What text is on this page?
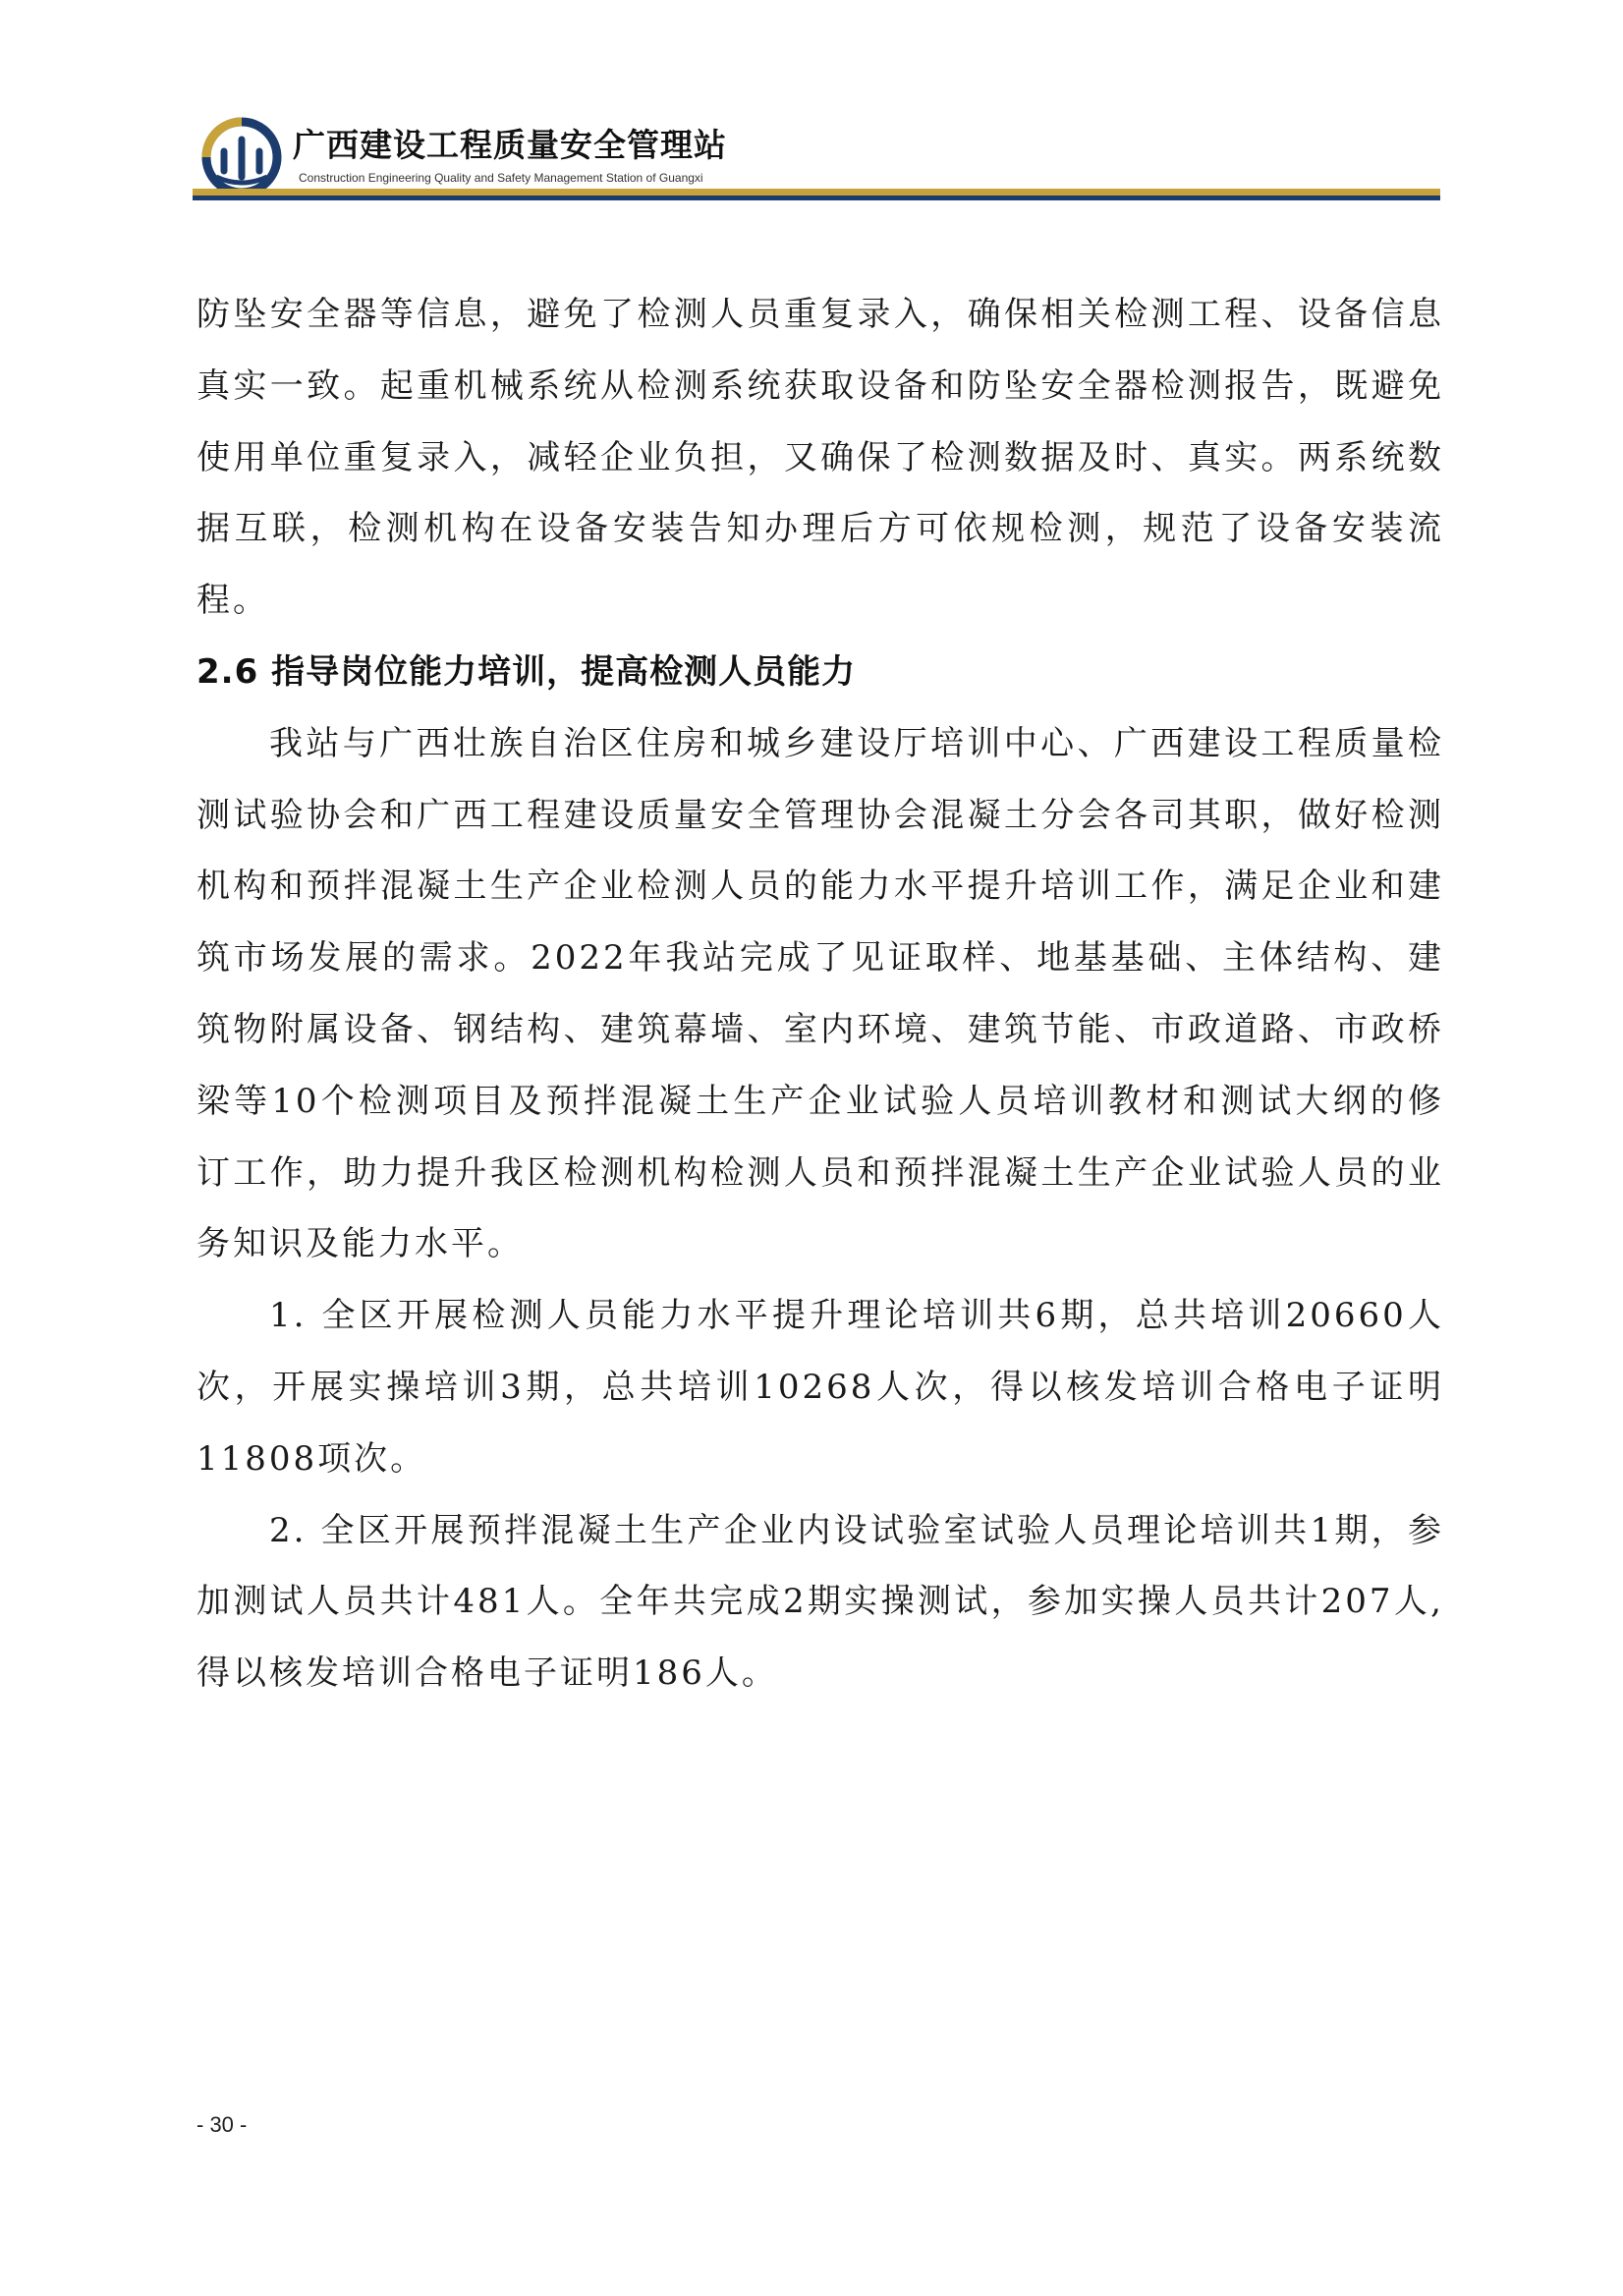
广西建设工程质量安全管理站
Construction Engineering Quality and Safety Management Station of Guangxi

防坠安全器等信息，避免了检测人员重复录入，确保相关检测工程、设备信息真实一致。起重机械系统从检测系统获取设备和防坠安全器检测报告，既避免使用单位重复录入，减轻企业负担，又确保了检测数据及时、真实。两系统数据互联，检测机构在设备安装告知办理后方可依规检测，规范了设备安装流程。

2.6 指导岗位能力培训，提高检测人员能力

我站与广西壮族自治区住房和城乡建设厅培训中心、广西建设工程质量检测试验协会和广西工程建设质量安全管理协会混凝土分会各司其职，做好检测机构和预拌混凝土生产企业检测人员的能力水平提升培训工作，满足企业和建筑市场发展的需求。2022年我站完成了见证取样、地基基础、主体结构、建筑物附属设备、钢结构、建筑幕墙、室内环境、建筑节能、市政道路、市政桥梁等10个检测项目及预拌混凝土生产企业试验人员培训教材和测试大纲的修订工作，助力提升我区检测机构检测人员和预拌混凝土生产企业试验人员的业务知识及能力水平。

1. 全区开展检测人员能力水平提升理论培训共6期，总共培训20660人次，开展实操培训3期，总共培训10268人次，得以核发培训合格电子证明11808项次。

2. 全区开展预拌混凝土生产企业内设试验室试验人员理论培训共1期，参加测试人员共计481人。全年共完成2期实操测试，参加实操人员共计207人,得以核发培训合格电子证明186人。

- 30 -
